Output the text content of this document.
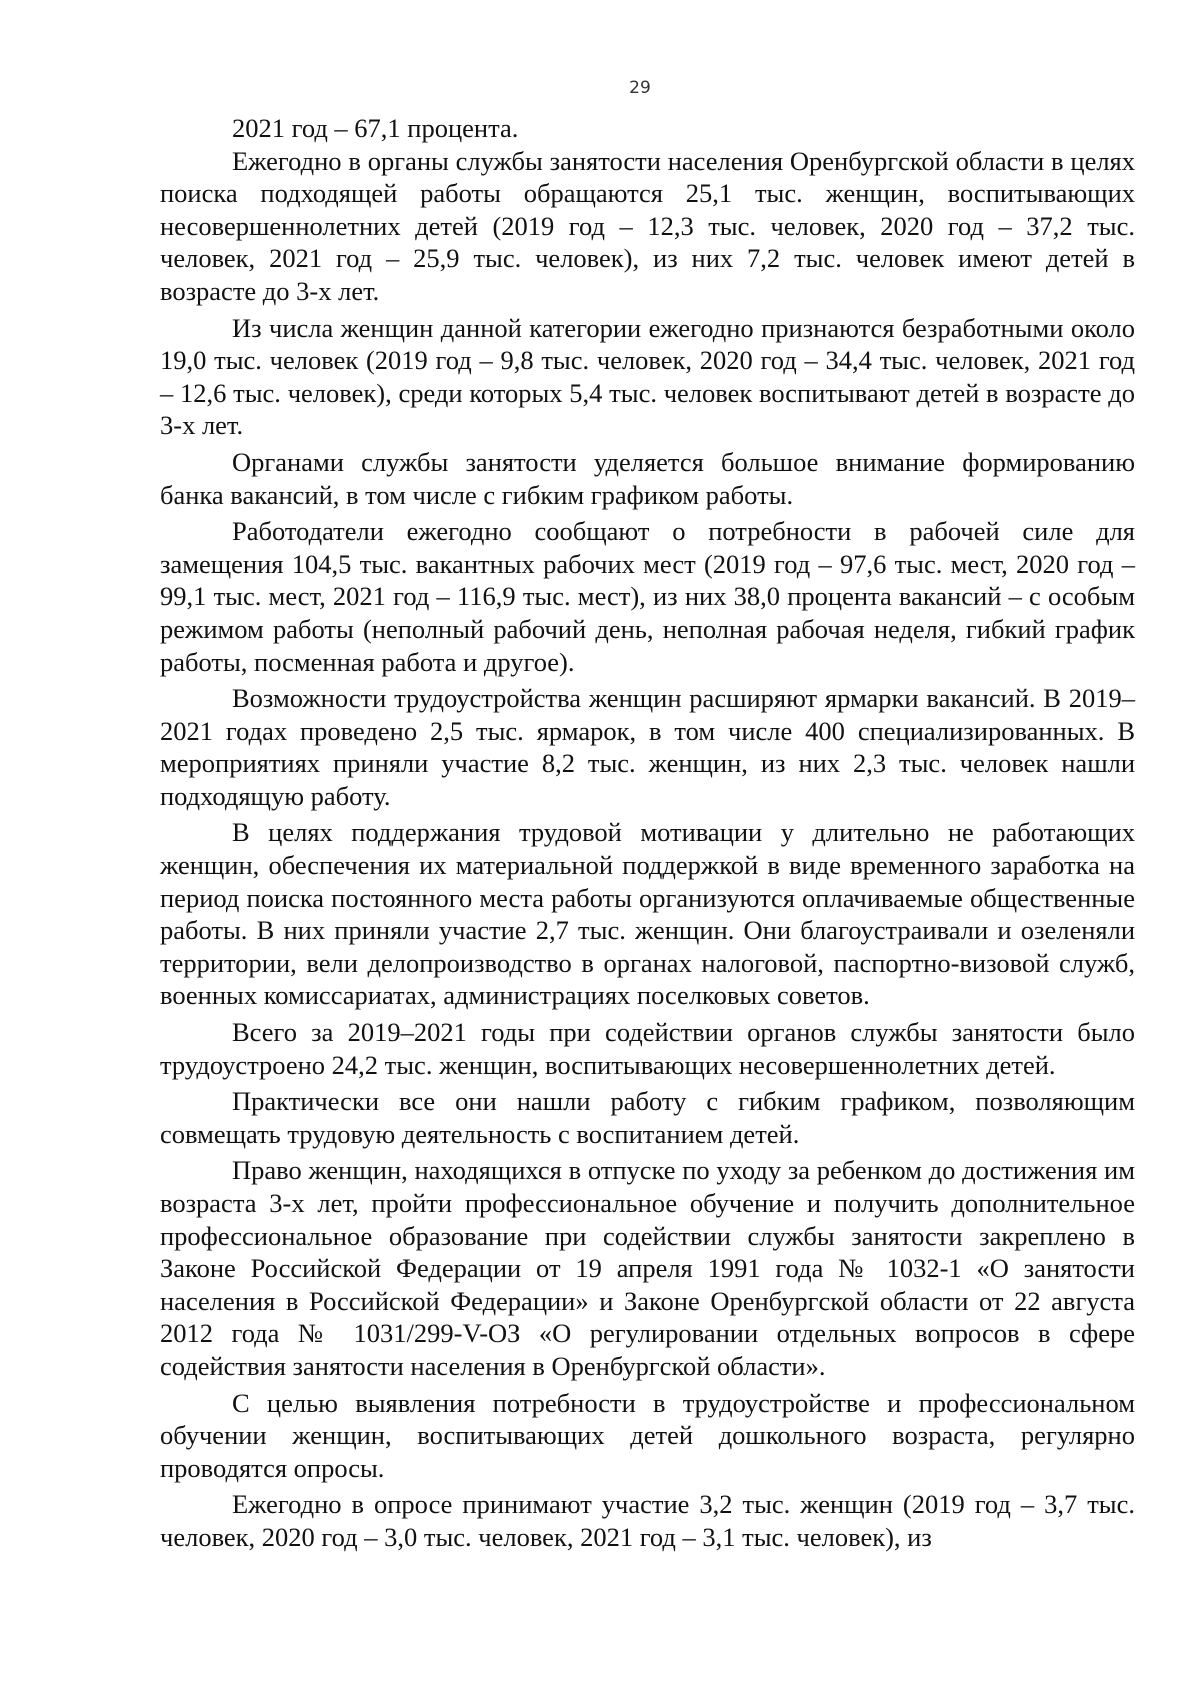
29

2021 год – 67,1 процента.

Ежегодно в органы службы занятости населения Оренбургской области в целях поиска подходящей работы обращаются 25,1 тыс. женщин, воспитывающих несовершеннолетних детей (2019 год – 12,3 тыс. человек, 2020 год – 37,2 тыс. человек, 2021 год – 25,9 тыс. человек), из них 7,2 тыс. человек имеют детей в возрасте до 3-х лет.

Из числа женщин данной категории ежегодно признаются безработными около 19,0 тыс. человек (2019 год – 9,8 тыс. человек, 2020 год – 34,4 тыс. человек, 2021 год – 12,6 тыс. человек), среди которых 5,4 тыс. человек воспитывают детей в возрасте до 3-х лет.

Органами службы занятости уделяется большое внимание формированию банка вакансий, в том числе с гибким графиком работы.

Работодатели ежегодно сообщают о потребности в рабочей силе для замещения 104,5 тыс. вакантных рабочих мест (2019 год – 97,6 тыс. мест, 2020 год – 99,1 тыс. мест, 2021 год – 116,9 тыс. мест), из них 38,0 процента вакансий – с особым режимом работы (неполный рабочий день, неполная рабочая неделя, гибкий график работы, посменная работа и другое).

Возможности трудоустройства женщин расширяют ярмарки вакансий. В 2019–2021 годах проведено 2,5 тыс. ярмарок, в том числе 400 специализированных. В мероприятиях приняли участие 8,2 тыс. женщин, из них 2,3 тыс. человек нашли подходящую работу.

В целях поддержания трудовой мотивации у длительно не работающих женщин, обеспечения их материальной поддержкой в виде временного заработка на период поиска постоянного места работы организуются оплачиваемые общественные работы. В них приняли участие 2,7 тыс. женщин. Они благоустраивали и озеленяли территории, вели делопроизводство в органах налоговой, паспортно-визовой служб, военных комиссариатах, администрациях поселковых советов.

Всего за 2019–2021 годы при содействии органов службы занятости было трудоустроено 24,2 тыс. женщин, воспитывающих несовершеннолетних детей.

Практически все они нашли работу с гибким графиком, позволяющим совмещать трудовую деятельность с воспитанием детей.

Право женщин, находящихся в отпуске по уходу за ребенком до достижения им возраста 3-х лет, пройти профессиональное обучение и получить дополнительное профессиональное образование при содействии службы занятости закреплено в Законе Российской Федерации от 19 апреля 1991 года № 1032-1 «О занятости населения в Российской Федерации» и Законе Оренбургской области от 22 августа 2012 года № 1031/299-V-ОЗ «О регулировании отдельных вопросов в сфере содействия занятости населения в Оренбургской области».

С целью выявления потребности в трудоустройстве и профессиональном обучении женщин, воспитывающих детей дошкольного возраста, регулярно проводятся опросы.

Ежегодно в опросе принимают участие 3,2 тыс. женщин (2019 год – 3,7 тыс. человек, 2020 год – 3,0 тыс. человек, 2021 год – 3,1 тыс. человек), из
